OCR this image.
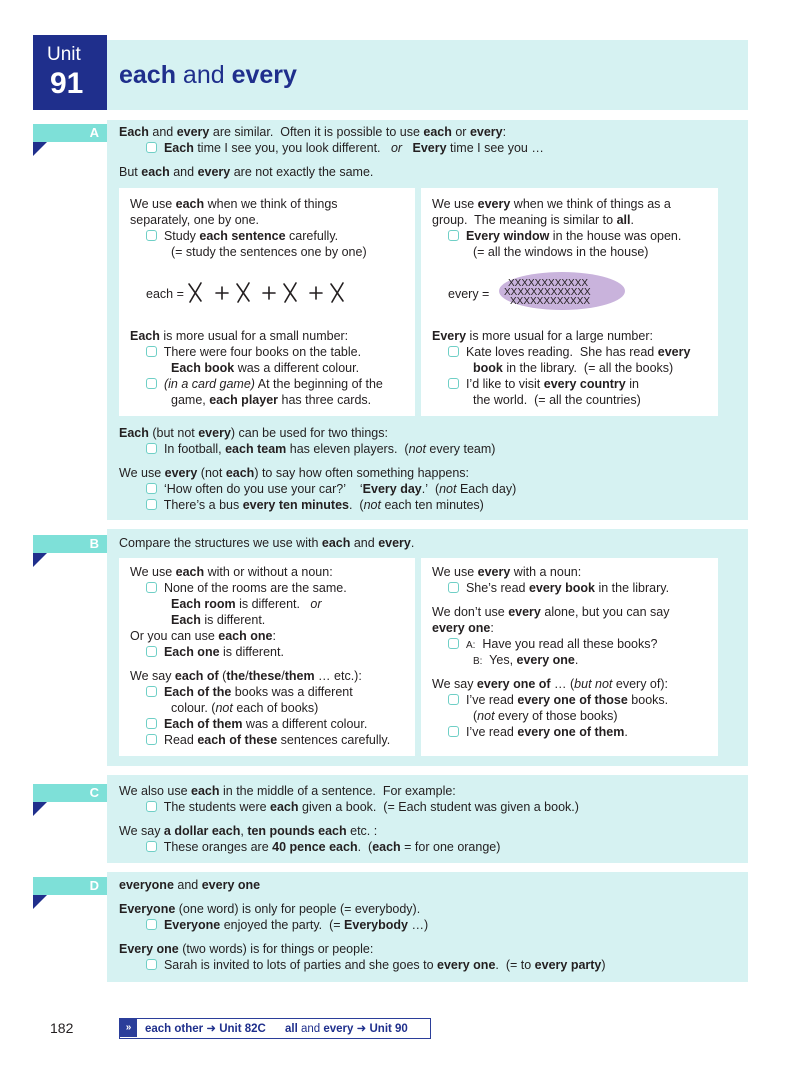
Unit
91 each and every
A Each and every are similar.  Often it is possible to use each or every:
Each time I see you, you look different.   or Every time I see you …
But each and every are not exactly the same.
We use each when we think of things
separately, one by one.
Study each sentence carefully.
(= study the sentences one by one)
each =	every =
XXXXXXXXXXXX
XXXXXXXXXXXXX
XXXXXXXXXXXX
Each is more usual for a small number:
There were four books on the table.
Each book was a different colour.
(in a card game) At the beginning of the
game, each player has three cards.
We use every when we think of things as a
group.  The meaning is similar to all.
Every window in the house was open.
(= all the windows in the house)
Every is more usual for a large number:
Kate loves reading.  She has read every
book in the library.  (= all the books)
I’d like to visit every country in
the world.  (= all the countries)
Each (but not every) can be used for two things:
In football, each team has eleven players.  (not every team)
We use every (not each) to say how often something happens:
‘How often do you use your car?’    ‘Every day.’  (not Each day)
There’s a bus every ten minutes.  (not each ten minutes)
B Compare the structures we use with each and every.
We use each with or without a noun:
None of the rooms are the same.
Each room is different.   or
Each is different.
Or you can use each one:
Each one is different.
We say each of (the/these/them … etc.):
Each of the books was a different
colour. (not each of books)
Each of them was a different colour.
Read each of these sentences carefully.
We use every with a noun:
She’s read every book in the library.
We don’t use every alone, but you can say
every one:
A:  Have you read all these books?
B:  Yes, every one.
We say every one of … (but not every of):
I’ve read every one of those books.
(not every of those books)
I’ve read every one of them.
C We also use each in the middle of a sentence.  For example:
The students were each given a book.  (= Each student was given a book.)
We say a dollar each, ten pounds each etc. :
These oranges are 40 pence each.  (each = for one orange)
D everyone and every one
Everyone (one word) is only for people (= everybody).
Everyone enjoyed the party.  (= Everybody …)
Every one (two words) is for things or people:
Sarah is invited to lots of parties and she goes to every one.  (= to every party)
182	»	each other ➜ Unit 82C all and every ➜ Unit 90
